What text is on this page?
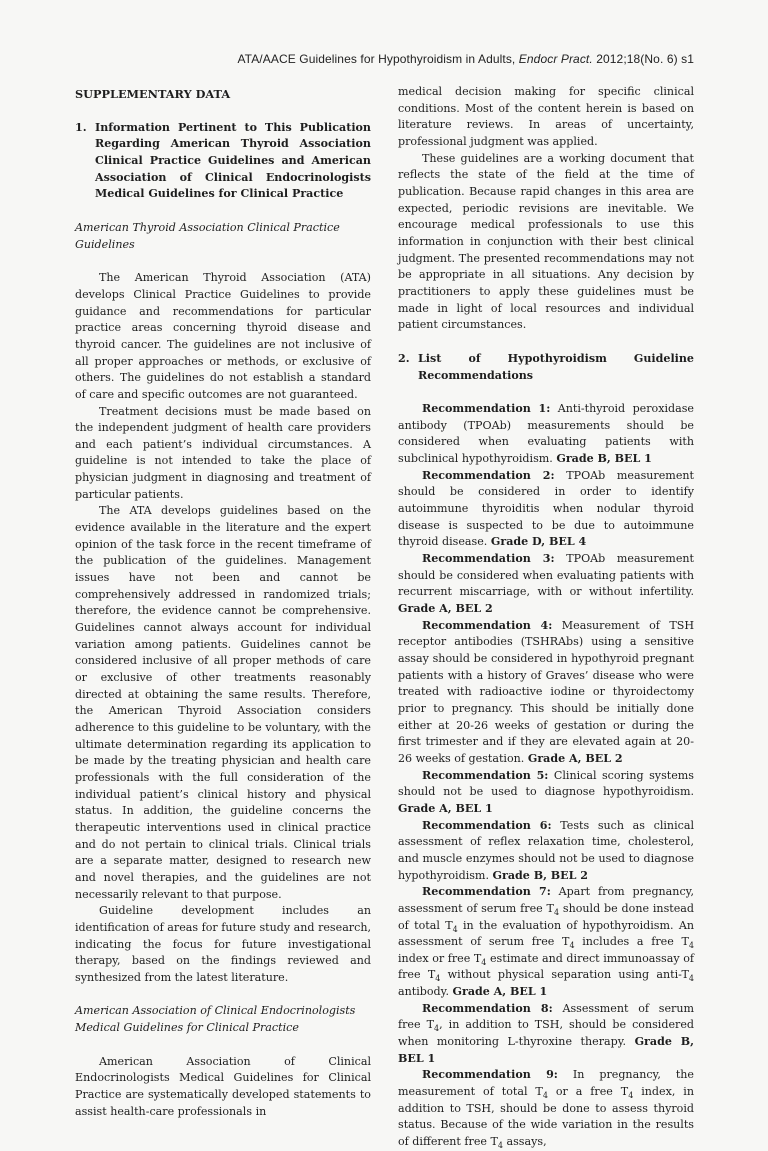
ATA/AACE Guidelines for Hypothyroidism in Adults, Endocr Pract. 2012;18(No. 6) s1

SUPPLEMENTARY DATA

1. Information Pertinent to This Publication Regarding American Thyroid Association Clinical Practice Guidelines and American Association of Clinical Endocrinologists Medical Guidelines for Clinical Practice

American Thyroid Association Clinical Practice Guidelines

The American Thyroid Association (ATA) develops Clinical Practice Guidelines to provide guidance and recommendations for particular practice areas concerning thyroid disease and thyroid cancer. The guidelines are not inclusive of all proper approaches or methods, or exclusive of others. The guidelines do not establish a standard of care and specific outcomes are not guaranteed.

Treatment decisions must be made based on the independent judgment of health care providers and each patient’s individual circumstances. A guideline is not intended to take the place of physician judgment in diagnosing and treatment of particular patients.

The ATA develops guidelines based on the evidence available in the literature and the expert opinion of the task force in the recent timeframe of the publication of the guidelines. Management issues have not been and cannot be comprehensively addressed in randomized trials; therefore, the evidence cannot be comprehensive. Guidelines cannot always account for individual variation among patients. Guidelines cannot be considered inclusive of all proper methods of care or exclusive of other treatments reasonably directed at obtaining the same results. Therefore, the American Thyroid Association considers adherence to this guideline to be voluntary, with the ultimate determination regarding its application to be made by the treating physician and health care professionals with the full consideration of the individual patient’s clinical history and physical status. In addition, the guideline concerns the therapeutic interventions used in clinical practice and do not pertain to clinical trials. Clinical trials are a separate matter, designed to research new and novel therapies, and the guidelines are not necessarily relevant to that purpose.

Guideline development includes an identification of areas for future study and research, indicating the focus for future investigational therapy, based on the findings reviewed and synthesized from the latest literature.

American Association of Clinical Endocrinologists Medical Guidelines for Clinical Practice

American Association of Clinical Endocrinologists Medical Guidelines for Clinical Practice are systematically developed statements to assist health-care professionals in

medical decision making for specific clinical conditions. Most of the content herein is based on literature reviews. In areas of uncertainty, professional judgment was applied.

These guidelines are a working document that reflects the state of the field at the time of publication. Because rapid changes in this area are expected, periodic revisions are inevitable. We encourage medical professionals to use this information in conjunction with their best clinical judgment. The presented recommendations may not be appropriate in all situations. Any decision by practitioners to apply these guidelines must be made in light of local resources and individual patient circumstances.

2. List of Hypothyroidism Guideline Recommendations

Recommendation 1: Anti-thyroid peroxidase antibody (TPOAb) measurements should be considered when evaluating patients with subclinical hypothyroidism. Grade B, BEL 1

Recommendation 2: TPOAb measurement should be considered in order to identify autoimmune thyroiditis when nodular thyroid disease is suspected to be due to autoimmune thyroid disease. Grade D, BEL 4

Recommendation 3: TPOAb measurement should be considered when evaluating patients with recurrent miscarriage, with or without infertility. Grade A, BEL 2

Recommendation 4: Measurement of TSH receptor antibodies (TSHRAbs) using a sensitive assay should be considered in hypothyroid pregnant patients with a history of Graves’ disease who were treated with radioactive iodine or thyroidectomy prior to pregnancy. This should be initially done either at 20-26 weeks of gestation or during the first trimester and if they are elevated again at 20-26 weeks of gestation. Grade A, BEL 2

Recommendation 5: Clinical scoring systems should not be used to diagnose hypothyroidism. Grade A, BEL 1

Recommendation 6: Tests such as clinical assessment of reflex relaxation time, cholesterol, and muscle enzymes should not be used to diagnose hypothyroidism. Grade B, BEL 2

Recommendation 7: Apart from pregnancy, assessment of serum free $T_4$ should be done instead of total $T_4$ in the evaluation of hypothyroidism. An assessment of serum free $T_4$ includes a free $T_4$ index or free $T_4$ estimate and direct immunoassay of free $T_4$ without physical separation using anti-$T_4$ antibody. Grade A, BEL 1

Recommendation 8: Assessment of serum free $T_4$, in addition to TSH, should be considered when monitoring L-thyroxine therapy. Grade B, BEL 1

Recommendation 9: In pregnancy, the measurement of total $T_4$ or a free $T_4$ index, in addition to TSH, should be done to assess thyroid status. Because of the wide variation in the results of different free $T_4$ assays,
